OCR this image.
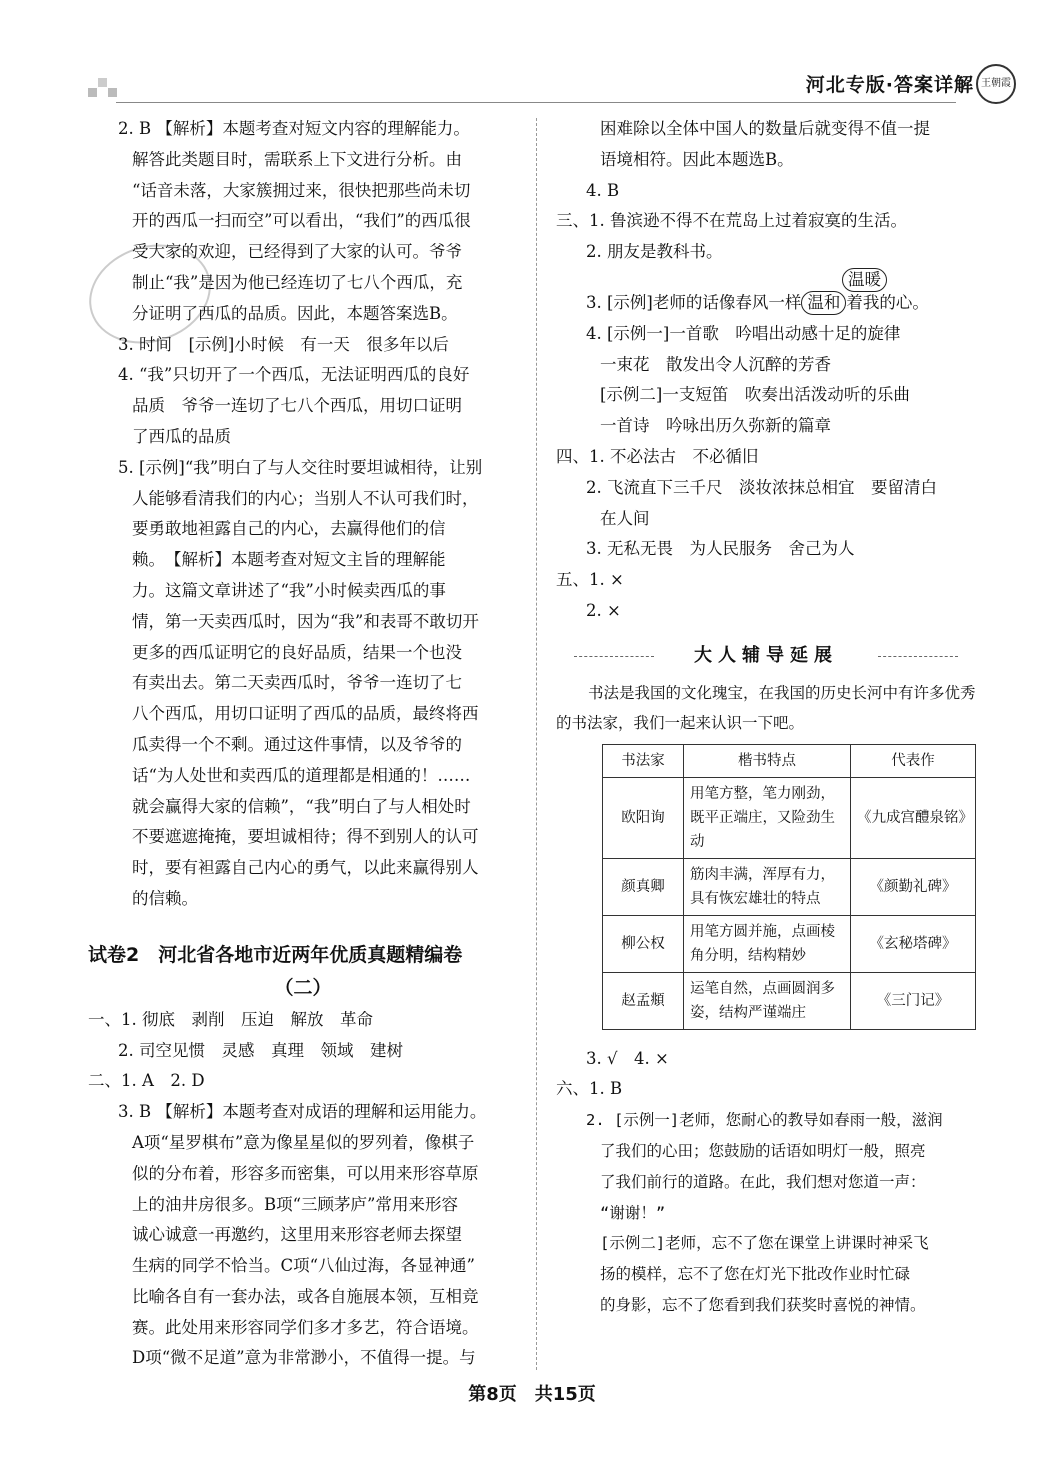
河北专版·答案详解 王朝霞

2. B 【解析】本题考查对短文内容的理解能力。

解答此类题目时，需联系上下文进行分析。由

“话音未落，大家簇拥过来，很快把那些尚未切

开的西瓜一扫而空”可以看出，“我们”的西瓜很

受大家的欢迎，已经得到了大家的认可。爷爷

制止“我”是因为他已经连切了七八个西瓜，充

分证明了西瓜的品质。因此，本题答案选B。

3. 时间　[示例]小时候　有一天　很多年以后

4. “我”只切开了一个西瓜，无法证明西瓜的良好

品质　爷爷一连切了七八个西瓜，用切口证明

了西瓜的品质

5. [示例]“我”明白了与人交往时要坦诚相待，让别

人能够看清我们的内心；当别人不认可我们时，

要勇敢地袒露自己的内心，去赢得他们的信

赖。　【解析】本题考查对短文主旨的理解能

力。这篇文章讲述了“我”小时候卖西瓜的事

情，第一天卖西瓜时，因为“我”和表哥不敢切开

更多的西瓜证明它的良好品质，结果一个也没

有卖出去。第二天卖西瓜时，爷爷一连切了七

八个西瓜，用切口证明了西瓜的品质，最终将西

瓜卖得一个不剩。通过这件事情，以及爷爷的

话“为人处世和卖西瓜的道理都是相通的！……

就会赢得大家的信赖”，“我”明白了与人相处时

不要遮遮掩掩，要坦诚相待；得不到别人的认可

时，要有袒露自己内心的勇气，以此来赢得别人

的信赖。

试卷2　河北省各地市近两年优质真题精编卷
（二）

一、1. 彻底　剥削　压迫　解放　革命

2. 司空见惯　灵感　真理　领域　建树

二、1. A　2. D

3. B 【解析】本题考查对成语的理解和运用能力。

A项“星罗棋布”意为像星星似的罗列着，像棋子

似的分布着，形容多而密集，可以用来形容草原

上的油井房很多。B项“三顾茅庐”常用来形容

诚心诚意一再邀约，这里用来形容老师去探望

生病的同学不恰当。C项“八仙过海，各显神通”

比喻各自有一套办法，或各自施展本领，互相竞

赛。此处用来形容同学们多才多艺，符合语境。

D项“微不足道”意为非常渺小，不值得一提。与

困难除以全体中国人的数量后就变得不值一提

语境相符。因此本题选B。

4. B

三、1. 鲁滨逊不得不在荒岛上过着寂寞的生活。

2. 朋友是教科书。

温暖
3. [示例]老师的话像春风一样 温和 着我的心。

4. [示例一]一首歌　吟唱出动感十足的旋律

一束花　散发出令人沉醉的芳香

[示例二]一支短笛　吹奏出活泼动听的乐曲

一首诗　吟咏出历久弥新的篇章

四、1. 不必法古　不必循旧

2. 飞流直下三千尺　淡妆浓抹总相宜　要留清白

在人间

3. 无私无畏　为人民服务　舍己为人

五、1. ×

2. ×

大人辅导延展

书法是我国的文化瑰宝，在我国的历史长河中有许多优秀的书法家，我们一起来认识一下吧。

书法家	楷书特点	代表作
欧阳询	用笔方整，笔力刚劲，既平正端庄，又险劲生动	《九成宫醴泉铭》
颜真卿	筋肉丰满，浑厚有力，具有恢宏雄壮的特点	《颜勤礼碑》
柳公权	用笔方圆并施，点画棱角分明，结构精妙	《玄秘塔碑》
赵孟頫	运笔自然，点画圆润多姿，结构严谨端庄	《三门记》

3. √　4. ×

六、1. B

2. [示例一]老师，您耐心的教导如春雨一般，滋润

了我们的心田；您鼓励的话语如明灯一般，照亮

了我们前行的道路。在此，我们想对您道一声：

“谢谢！”

[示例二]老师，忘不了您在课堂上讲课时神采飞

扬的模样，忘不了您在灯光下批改作业时忙碌

的身影，忘不了您看到我们获奖时喜悦的神情。

第8页　共15页
